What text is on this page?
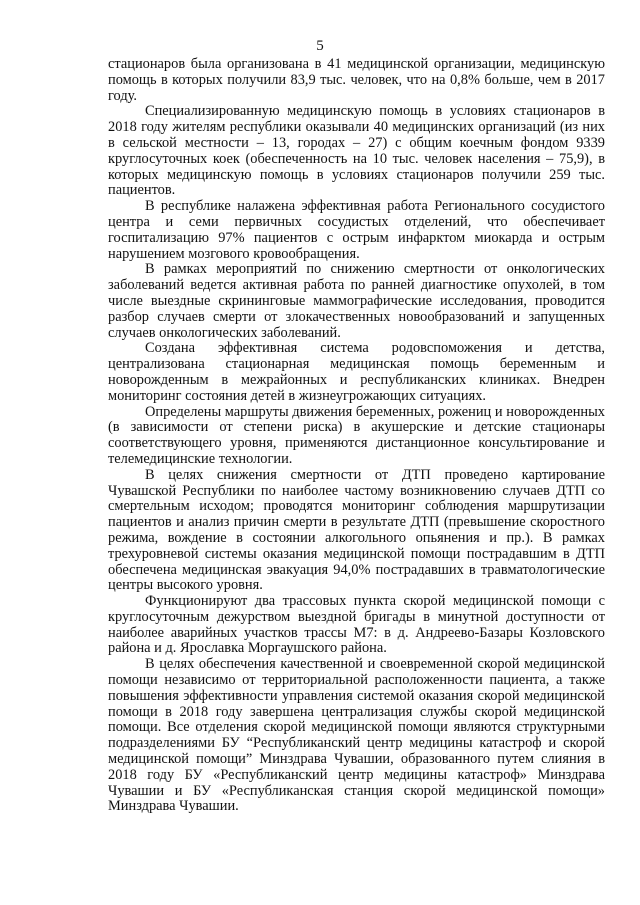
5

стационаров была организована в 41 медицинской организации, медицинскую помощь в которых получили 83,9 тыс. человек, что на 0,8% больше, чем в 2017 году.

Специализированную медицинскую помощь в условиях стационаров в 2018 году жителям республики оказывали 40 медицинских организаций (из них в сельской местности – 13, городах – 27) с общим коечным фондом 9339 круглосуточных коек (обеспеченность на 10 тыс. человек населения – 75,9), в которых медицинскую помощь в условиях стационаров получили 259 тыс. пациентов.

В республике налажена эффективная работа Регионального сосудистого центра и семи первичных сосудистых отделений, что обеспечивает госпитализацию 97% пациентов с острым инфарктом миокарда и острым нарушением мозгового кровообращения.

В рамках мероприятий по снижению смертности от онкологических заболеваний ведется активная работа по ранней диагностике опухолей, в том числе выездные скрининговые маммографические исследования, проводится разбор случаев смерти от злокачественных новообразований и запущенных случаев онкологических заболеваний.

Создана эффективная система родовспоможения и детства, централизована стационарная медицинская помощь беременным и новорожденным в межрайонных и республиканских клиниках. Внедрен мониторинг состояния детей в жизнеугрожающих ситуациях.

Определены маршруты движения беременных, рожениц и новорожденных (в зависимости от степени риска) в акушерские и детские стационары соответствующего уровня, применяются дистанционное консультирование и телемедицинские технологии.

В целях снижения смертности от ДТП проведено картирование Чувашской Республики по наиболее частому возникновению случаев ДТП со смертельным исходом; проводятся мониторинг соблюдения маршрутизации пациентов и анализ причин смерти в результате ДТП (превышение скоростного режима, вождение в состоянии алкогольного опьянения и пр.). В рамках трехуровневой системы оказания медицинской помощи пострадавшим в ДТП обеспечена медицинская эвакуация 94,0% пострадавших в травматологические центры высокого уровня.

Функционируют два трассовых пункта скорой медицинской помощи с круглосуточным дежурством выездной бригады в минутной доступности от наиболее аварийных участков трассы М7: в д. Андреево-Базары Козловского района и д. Ярославка Моргаушского района.

В целях обеспечения качественной и своевременной скорой медицинской помощи независимо от территориальной расположенности пациента, а также повышения эффективности управления системой оказания скорой медицинской помощи в 2018 году завершена централизация службы скорой медицинской помощи. Все отделения скорой медицинской помощи являются структурными подразделениями БУ “Республиканский центр медицины катастроф и скорой медицинской помощи” Минздрава Чувашии, образованного путем слияния в 2018 году БУ «Республиканский центр медицины катастроф» Минздрава Чувашии и БУ «Республиканская станция скорой медицинской помощи» Минздрава Чувашии.
